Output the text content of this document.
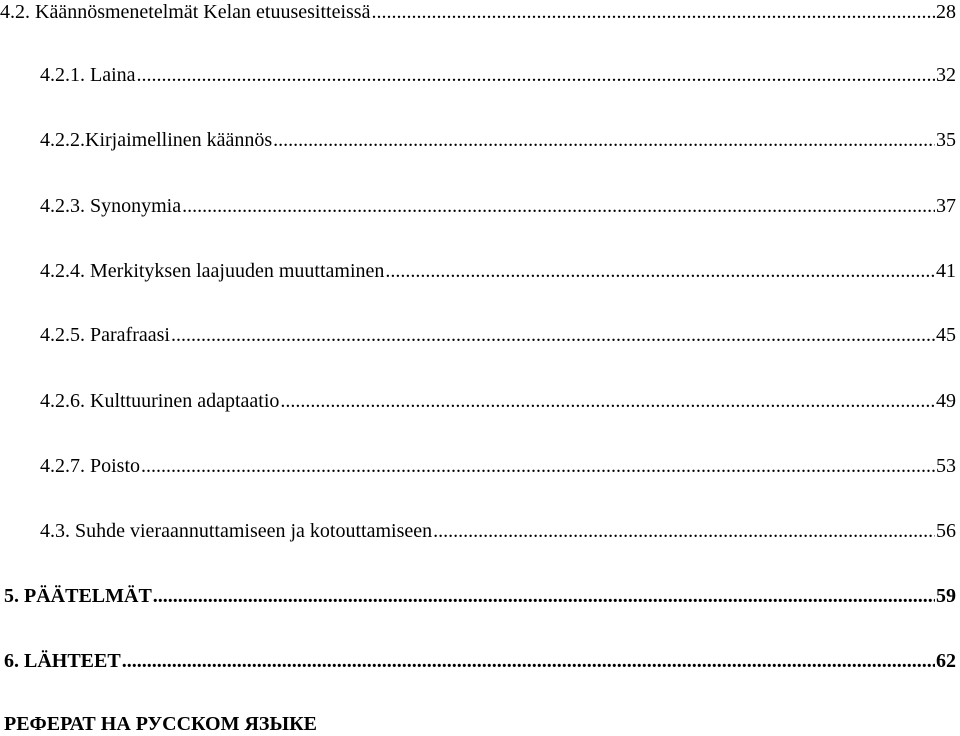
4.2. Käännösmenetelmät Kelan etuusesitteissä .....	28
4.2.1. Laina .....	32
4.2.2.Kirjaimellinen käännös .....	35
4.2.3. Synonymia .....	37
4.2.4. Merkityksen laajuuden muuttaminen .....	41
4.2.5. Parafraasi .....	45
4.2.6. Kulttuurinen adaptaatio .....	49
4.2.7. Poisto .....	53
4.3. Suhde vieraannuttamiseen ja kotouttamiseen .....	56
5. PÄÄTELMÄT .....	59
6. LÄHTEET .....	62
РЕФЕРАТ НА РУССКОМ ЯЗЫКЕ
